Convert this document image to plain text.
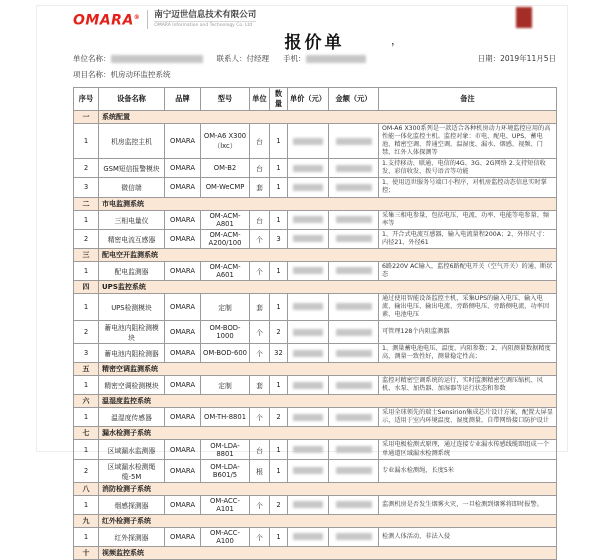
OMARA® 南宁迈世信息技术有限公司
OMARA Information and Technology Co. Ltd
报价单	，
单位名称：	联系人： 付经理 手机：	日期：2019年11月5日
项目名称： 机房动环监控系统
序号	设备名称	品牌	型号	单位	数量	单价（元）	金额（元）	备注
一	系统配置							
1	机房监控主机	OMARA	OM-A6 X300（lxc）	台	1			OM-A6 X300系列是一款适合各种机房动力环境监控应用的高性能一体化监控主机。监控对象：市电、配电、UPS、蓄电池、精密空调、普通空调、温湿度、漏水、烟感、视频、门禁、红外人体探测等
2	GSM短信报警模块	OMARA	OM-B2	台	1			1.支持移动、联通、电信的4G、3G、2G网络 2.支持短信收发、彩信收发、拨号语音等功能
3	微信端	OMARA	OM-WeCMP	套	1			1、使用迈世服务号端口小程序，对机房监控动态信息实时掌控；
二	市电监测系统							
1	三相电量仪	OMARA	OM-ACM-A801	台	1			采集三相电参量，包括电压、电流、功率、电能等电参量、频率等
2	精密电流互感器	OMARA	OM-ACM-A200/100	个	3			1、开合式电流互感器，输入电流量程200A；2、外形尺寸：内径21、外径61
三	配电空开监测系统							
1	配电监测器	OMARA	OM-ACM-A601	个	1			6路220V AC输入，监控6路配电开关（空气开关）的通、断状态
四	UPS监控系统							
1	UPS检测模块	OMARA	定制	套	1			通过使用智能设备监控主机，采集UPS的输入电压、输入电流、输出电压、输出电流、旁路侧电压、旁路侧电流、功率因素、电池电压
2	蓄电池内阻检测模块	OMARA	OM-BOD-1000	个	2			可管理128个内阻监测器
3	蓄电池内阻检测器	OMARA	OM-BOD-600	个	32			1、测量蓄电池电压、温度、内阻参数；2、内阻测量数据精度高，测量一致性好，测量稳定性高；
五	精密空调监测系统							
1	精密空调检测模块	OMARA	定制	套	1			监控对精密空调系统的运行，实时监测精密空调压缩机、风机、水泵、加热器、加湿器等运行状态和参数
六	温湿度监控系统							
1	温湿度传感器	OMARA	OM-TH-8801	个	2			采用全球领先的瑞士Sensirion集成芯片设计方案，配置大屏显示，适用于室内环境温度、湿度测量，自带网络接口防护设计
七	漏水检测子系统							
1	区域漏水监测器	OMARA	OM-LDA-8801	台	1			采用电极检测式原理，通过连接专业漏水传感线缆即组成一个单通道区域漏水检测系统
2	区域漏水检测绳缆-5M	OMARA	OM-LDA-B601/5	根	1			专业漏水检测绳，长度5米
八	消防检测子系统							
1	烟感探测器	OMARA	OM-ACC-A101	个	2			监测机房是否发生烟雾火灾，一旦检测到烟雾将即时报警。
九	红外检测子系统							
1	红外探测器	OMARA	OM-ACC-A100	个	1			检测人体活动、非法入侵
十	视频监控系统							
